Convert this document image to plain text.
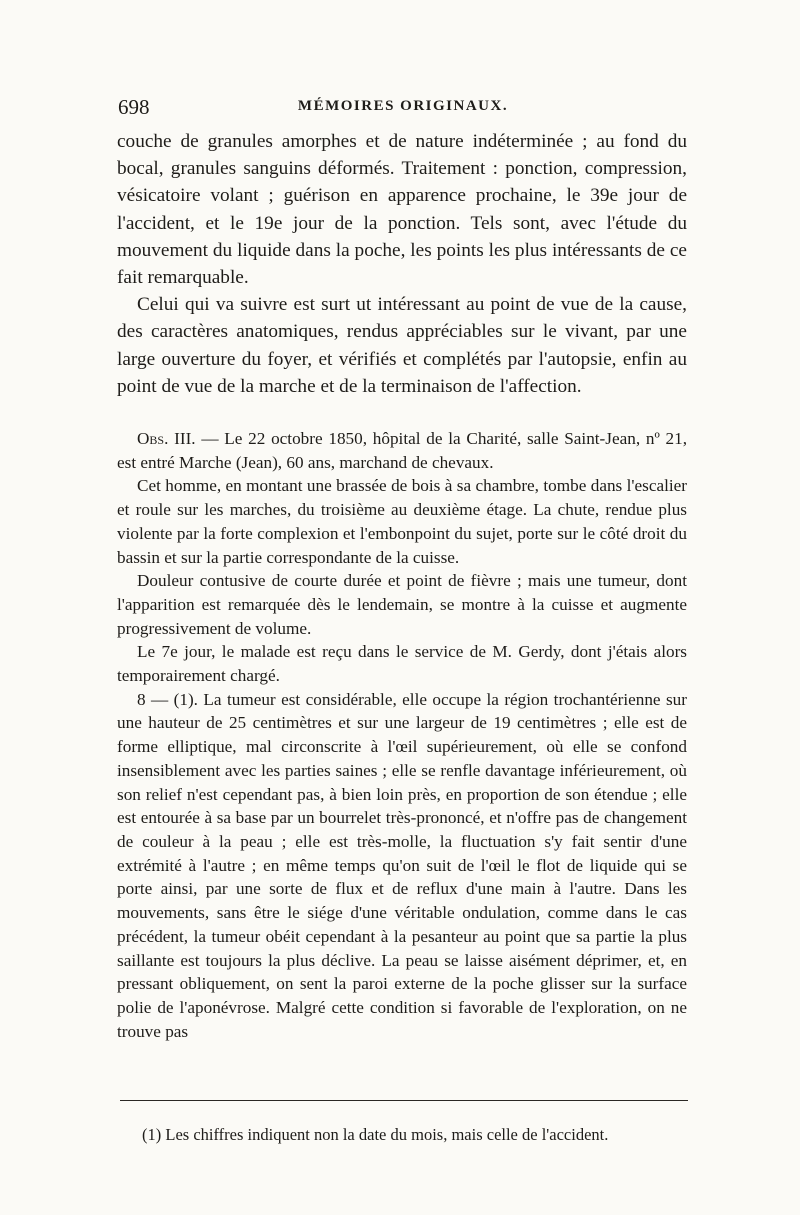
698	MÉMOIRES ORIGINAUX.

couche de granules amorphes et de nature indéterminée ; au fond du bocal, granules sanguins déformés. Traitement : ponction, compression, vésicatoire volant ; guérison en apparence prochaine, le 39e jour de l'accident, et le 19e jour de la ponction. Tels sont, avec l'étude du mouvement du liquide dans la poche, les points les plus intéressants de ce fait remarquable.

Celui qui va suivre est surt ut intéressant au point de vue de la cause, des caractères anatomiques, rendus appréciables sur le vivant, par une large ouverture du foyer, et vérifiés et complétés par l'autopsie, enfin au point de vue de la marche et de la terminaison de l'affection.

Obs. III. — Le 22 octobre 1850, hôpital de la Charité, salle Saint-Jean, nº 21, est entré Marche (Jean), 60 ans, marchand de chevaux.

Cet homme, en montant une brassée de bois à sa chambre, tombe dans l'escalier et roule sur les marches, du troisième au deuxième étage. La chute, rendue plus violente par la forte complexion et l'embonpoint du sujet, porte sur le côté droit du bassin et sur la partie correspondante de la cuisse.

Douleur contusive de courte durée et point de fièvre ; mais une tumeur, dont l'apparition est remarquée dès le lendemain, se montre à la cuisse et augmente progressivement de volume.

Le 7e jour, le malade est reçu dans le service de M. Gerdy, dont j'étais alors temporairement chargé.

8 — (1). La tumeur est considérable, elle occupe la région trochantérienne sur une hauteur de 25 centimètres et sur une largeur de 19 centimètres ; elle est de forme elliptique, mal circonscrite à l'œil supérieurement, où elle se confond insensiblement avec les parties saines ; elle se renfle davantage inférieurement, où son relief n'est cependant pas, à bien loin près, en proportion de son étendue ; elle est entourée à sa base par un bourrelet très-prononcé, et n'offre pas de changement de couleur à la peau ; elle est très-molle, la fluctuation s'y fait sentir d'une extrémité à l'autre ; en même temps qu'on suit de l'œil le flot de liquide qui se porte ainsi, par une sorte de flux et de reflux d'une main à l'autre. Dans les mouvements, sans être le siége d'une véritable ondulation, comme dans le cas précédent, la tumeur obéit cependant à la pesanteur au point que sa partie la plus saillante est toujours la plus déclive. La peau se laisse aisément déprimer, et, en pressant obliquement, on sent la paroi externe de la poche glisser sur la surface polie de l'aponévrose. Malgré cette condition si favorable de l'exploration, on ne trouve pas

(1) Les chiffres indiquent non la date du mois, mais celle de l'accident.
